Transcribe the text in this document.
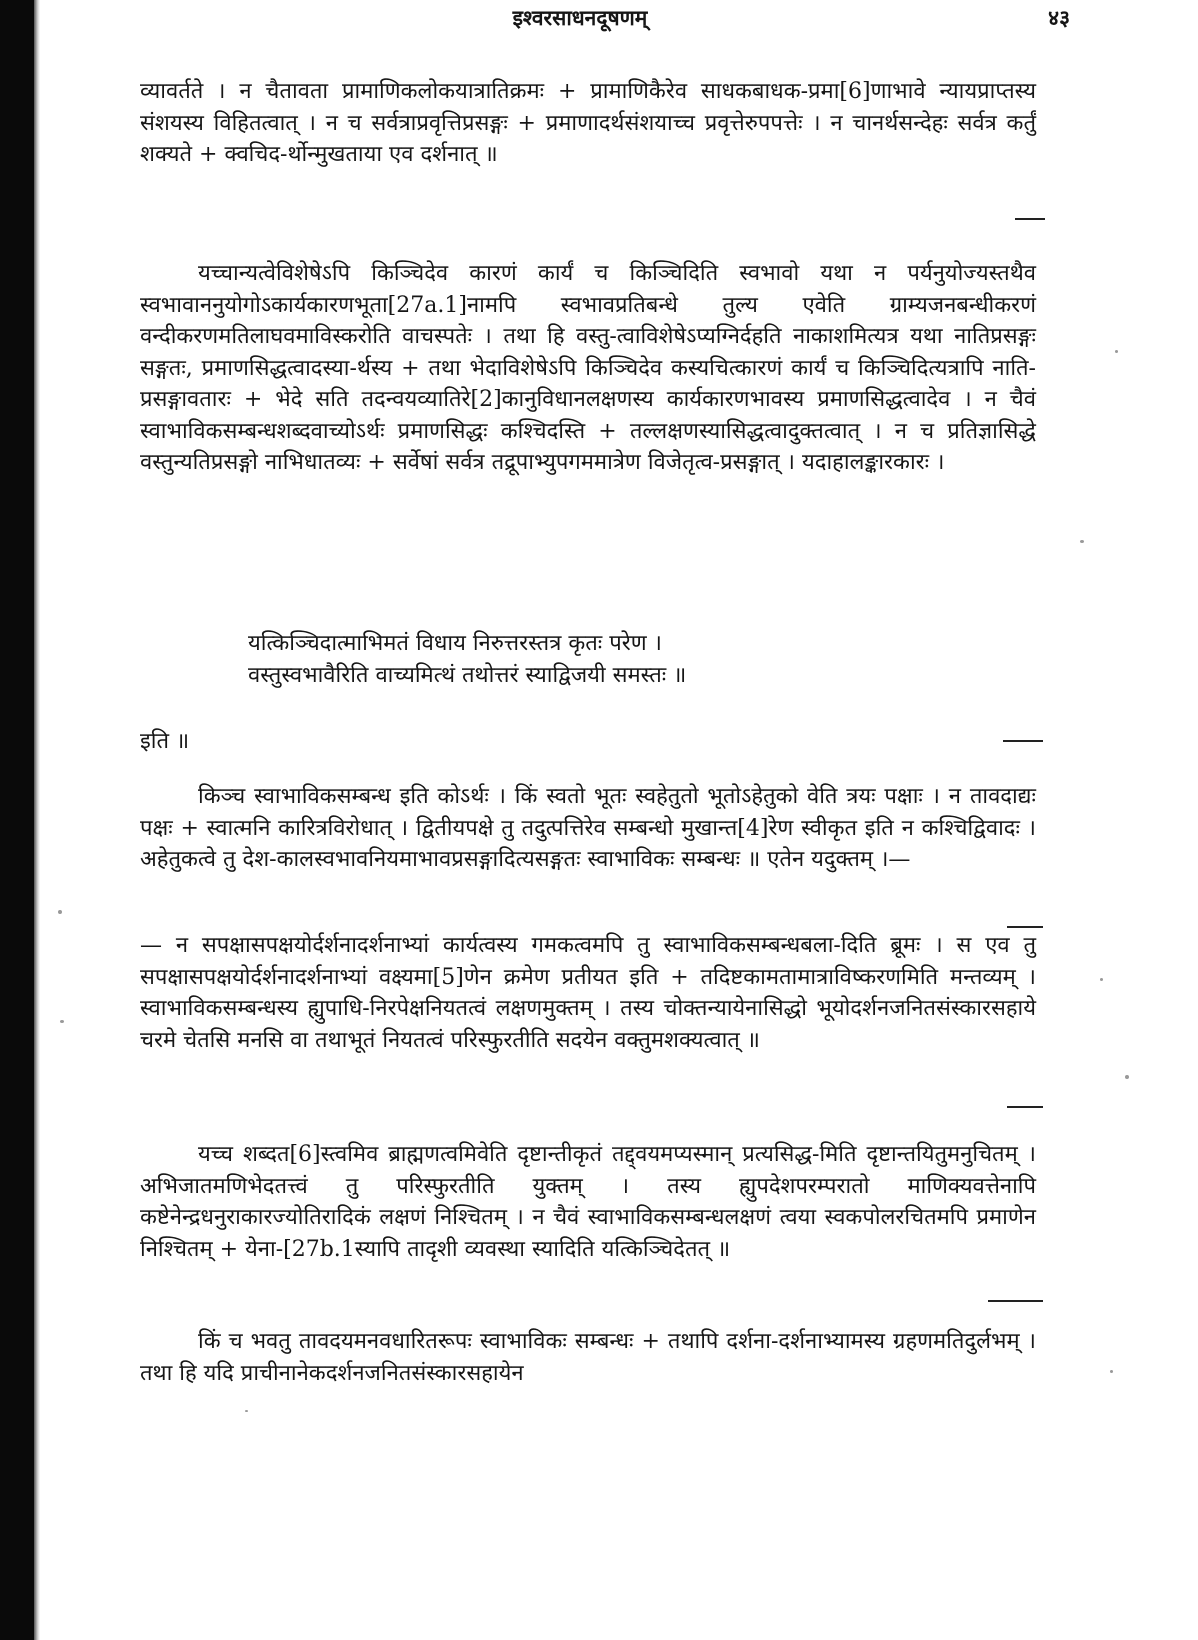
इश्वरसाधनदूषणम्	४३
व्यावर्तते । न चैतावता प्रामाणिकलोकयात्रातिक्रमः + प्रामाणिकैरेव साधकबाधक-प्रमा[6]णाभावे न्यायप्राप्तस्य संशयस्य विहितत्वात् । न च सर्वत्राप्रवृत्तिप्रसङ्गः + प्रमाणादर्थसंशयाच्च प्रवृत्तेरुपपत्तेः । न चानर्थसन्देहः सर्वत्र कर्तुं शक्यते + क्वचिद-र्थोन्मुखताया एव दर्शनात् ॥
यच्चान्यत्वेविशेषेऽपि किञ्चिदेव कारणं कार्यं च किञ्चिदिति स्वभावो यथा न पर्यनुयोज्यस्तथैव स्वभावाननुयोगोऽकार्यकारणभूता[27a.1]नामपि स्वभावप्रतिबन्धे तुल्य एवेति ग्राम्यजनबन्धीकरणं वन्दीकरणमतिलाघवमाविस्करोति वाचस्पतेः । तथा हि वस्तु-त्वाविशेषेऽप्यग्निर्दहति नाकाशमित्यत्र यथा नातिप्रसङ्गः सङ्गतः, प्रमाणसिद्धत्वादस्या-र्थस्य + तथा भेदाविशेषेऽपि किञ्चिदेव कस्यचित्कारणं कार्यं च किञ्चिदित्यत्रापि नाति-प्रसङ्गावतारः + भेदे सति तदन्वयव्यातिरे[2]कानुविधानलक्षणस्य कार्यकारणभावस्य प्रमाणसिद्धत्वादेव । न चैवं स्वाभाविकसम्बन्धशब्दवाच्योऽर्थः प्रमाणसिद्धः कश्चिदस्ति + तल्लक्षणस्यासिद्धत्वादुक्तत्वात् । न च प्रतिज्ञासिद्धे वस्तुन्यतिप्रसङ्गो नाभिधातव्यः + सर्वेषां सर्वत्र तद्रूपाभ्युपगममात्रेण विजेतृत्व-प्रसङ्गात् । यदाहालङ्कारकारः ।
यत्किञ्चिदात्माभिमतं विधाय निरुत्तरस्तत्र कृतः परेण ।
वस्तुस्वभावैरिति वाच्यमित्थं तथोत्तरं स्याद्विजयी समस्तः ॥
इति ॥
किञ्च स्वाभाविकसम्बन्ध इति कोऽर्थः । किं स्वतो भूतः स्वहेतुतो भूतोऽहेतुको वेति त्रयः पक्षाः । न तावदाद्यः पक्षः + स्वात्मनि कारित्रविरोधात् । द्वितीयपक्षे तु तदुत्पत्तिरेव सम्बन्धो मुखान्त[4]रेण स्वीकृत इति न कश्चिद्विवादः । अहेतुकत्वे तु देश-कालस्वभावनियमाभावप्रसङ्गादित्यसङ्गतः स्वाभाविकः सम्बन्धः ॥ एतेन यदुक्तम् ।—
— न सपक्षासपक्षयोर्दर्शनादर्शनाभ्यां कार्यत्वस्य गमकत्वमपि तु स्वाभाविकसम्बन्धबला-दिति ब्रूमः । स एव तु सपक्षासपक्षयोर्दर्शनादर्शनाभ्यां वक्ष्यमा[5]णेन क्रमेण प्रतीयत इति + तदिष्टकामतामात्राविष्करणमिति मन्तव्यम् । स्वाभाविकसम्बन्धस्य ह्युपाधि-निरपेक्षनियतत्वं लक्षणमुक्तम् । तस्य चोक्तन्यायेनासिद्धो भूयोदर्शनजनितसंस्कारसहाये चरमे चेतसि मनसि वा तथाभूतं नियतत्वं परिस्फुरतीति सदयेन वक्तुमशक्यत्वात् ॥
यच्च शब्दत[6]स्त्वमिव ब्राह्मणत्वमिवेति दृष्टान्तीकृतं तद्द्वयमप्यस्मान् प्रत्यसिद्ध-मिति दृष्टान्तयितुमनुचितम् । अभिजातमणिभेदतत्त्वं तु परिस्फुरतीति युक्तम् । तस्य ह्युपदेशपरम्परातो माणिक्यवत्तेनापि कष्टेनेन्द्रधनुराकारज्योतिरादिकं लक्षणं निश्चितम् । न चैवं स्वाभाविकसम्बन्धलक्षणं त्वया स्वकपोलरचितमपि प्रमाणेन निश्चितम् + येना-[27b.1स्यापि तादृशी व्यवस्था स्यादिति यत्किञ्चिदेतत् ॥
किं च भवतु तावदयमनवधारितरूपः स्वाभाविकः सम्बन्धः + तथापि दर्शना-दर्शनाभ्यामस्य ग्रहणमतिदुर्लभम् । तथा हि यदि प्राचीनानेकदर्शनजनितसंस्कारसहायेन
